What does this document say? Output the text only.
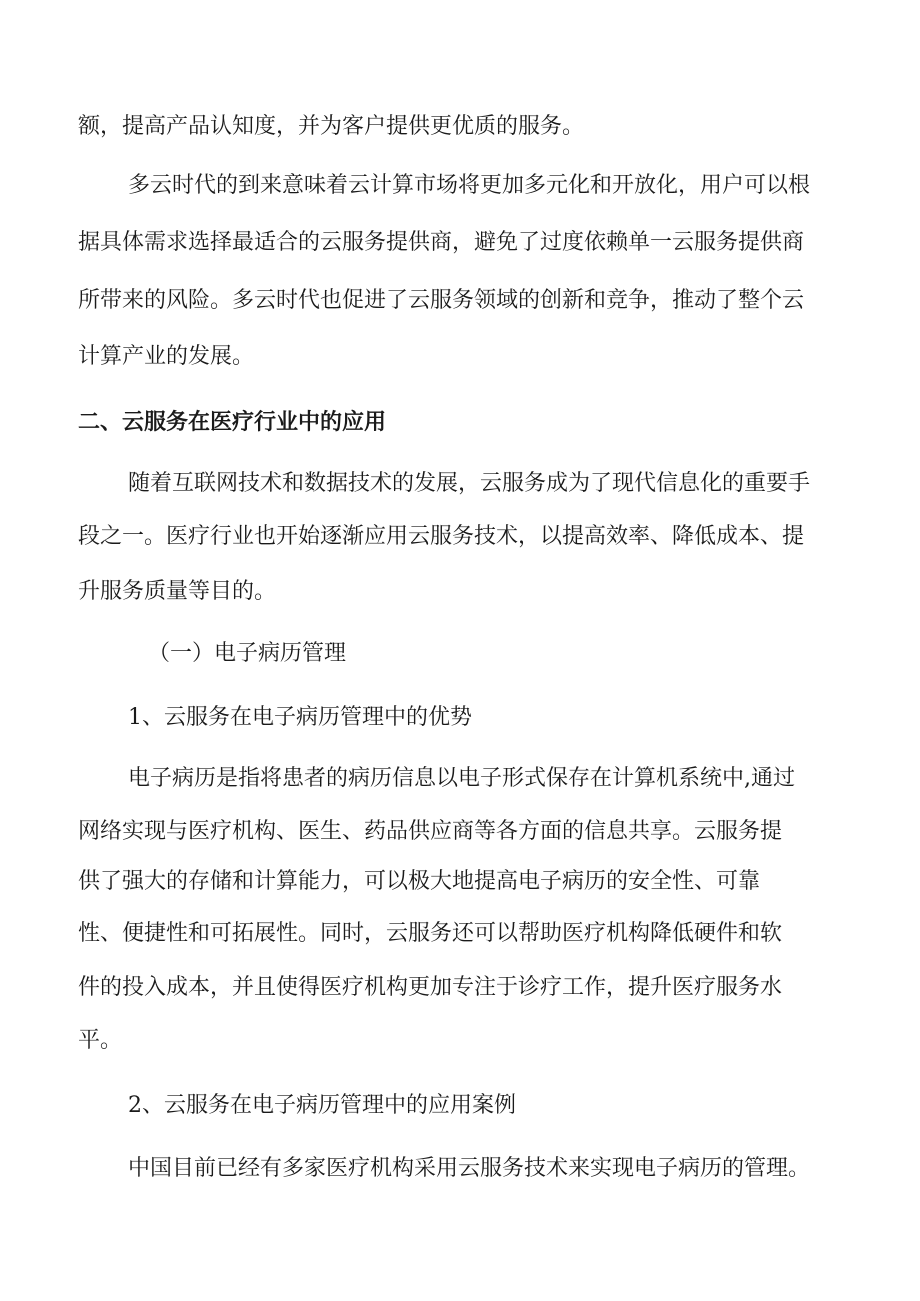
额，提高产品认知度，并为客户提供更优质的服务。
多云时代的到来意味着云计算市场将更加多元化和开放化，用户可以根
据具体需求选择最适合的云服务提供商，避免了过度依赖单一云服务提供商
所带来的风险。多云时代也促进了云服务领域的创新和竞争，推动了整个云
计算产业的发展。
二、云服务在医疗行业中的应用
随着互联网技术和数据技术的发展，云服务成为了现代信息化的重要手
段之一。医疗行业也开始逐渐应用云服务技术，以提高效率、降低成本、提
升服务质量等目的。
（一）电子病历管理
1、云服务在电子病历管理中的优势
电子病历是指将患者的病历信息以电子形式保存在计算机系统中,通过
网络实现与医疗机构、医生、药品供应商等各方面的信息共享。云服务提
供了强大的存储和计算能力，可以极大地提高电子病历的安全性、可靠
性、便捷性和可拓展性。同时，云服务还可以帮助医疗机构降低硬件和软
件的投入成本，并且使得医疗机构更加专注于诊疗工作，提升医疗服务水
平。
2、云服务在电子病历管理中的应用案例
中国目前已经有多家医疗机构采用云服务技术来实现电子病历的管理。
